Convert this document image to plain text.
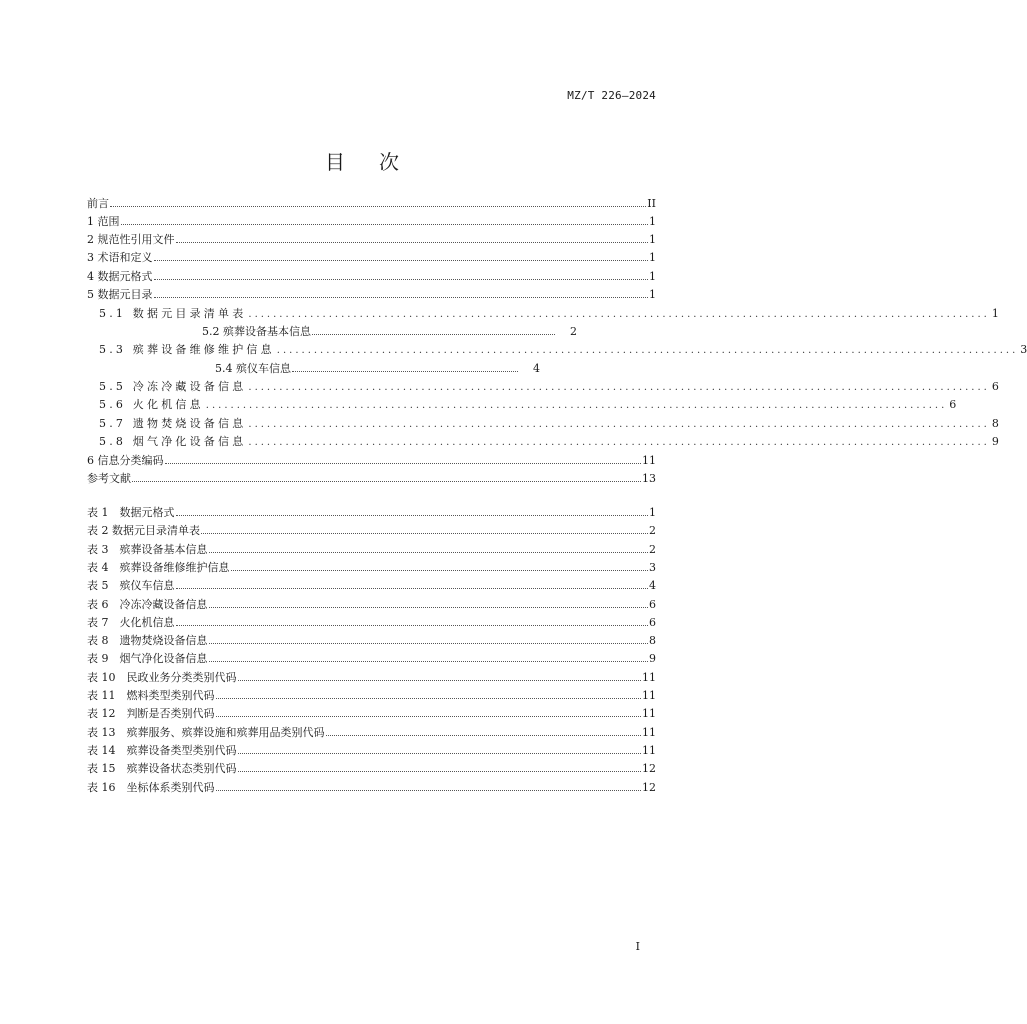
MZ/T 226—2024
目次
前言	II
1 范围	1
2 规范性引用文件	1
3 术语和定义	1
4 数据元格式	1
5 数据元目录	1
5.1 数据元目录清单表 ........................................................................................................................ 1
5.2 殡葬设备基本信息	2
5.3 殡葬设备维修维护信息 ........................................................................................................................ 3
5.4 殡仪车信息	4
5.5 冷冻冷藏设备信息 ........................................................................................................................ 6
5.6 火化机信息 ........................................................................................................................ 6
5.7 遗物焚烧设备信息 ........................................................................................................................ 8
5.8 烟气净化设备信息 ........................................................................................................................ 9
6 信息分类编码	11
参考文献	13
表 1　数据元格式	1
表 2 数据元目录清单表	2
表 3　殡葬设备基本信息	2
表 4　殡葬设备维修维护信息	3
表 5　殡仪车信息	4
表 6　冷冻冷藏设备信息	6
表 7　火化机信息	6
表 8　遗物焚烧设备信息	8
表 9　烟气净化设备信息	9
表 10　民政业务分类类别代码	11
表 11　燃料类型类别代码	11
表 12　判断是否类别代码	11
表 13　殡葬服务、殡葬设施和殡葬用品类别代码	11
表 14　殡葬设备类型类别代码	11
表 15　殡葬设备状态类别代码	12
表 16　坐标体系类别代码	12
I
